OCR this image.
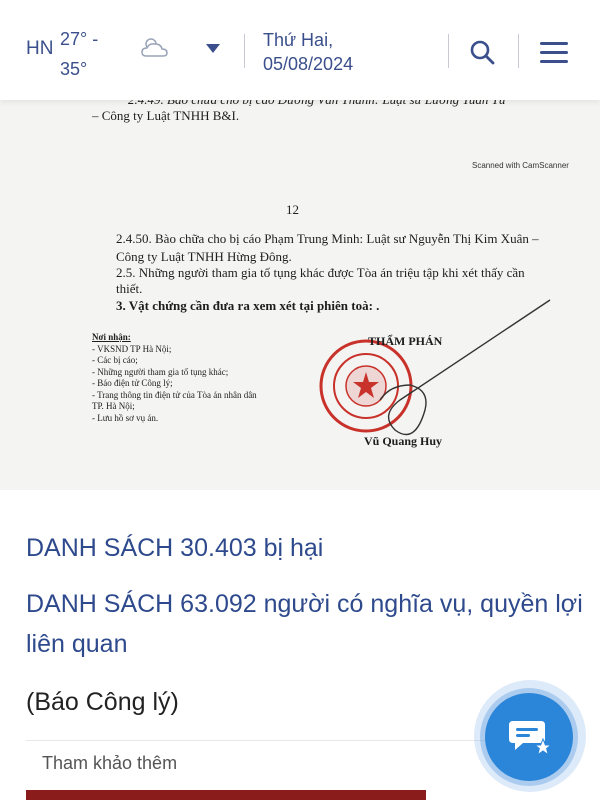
HN 27° -
35°
Thứ Hai,
05/08/2024
– Công ty Luật TNHH B&I.
Scanned with CamScanner
12
2.4.50. Bào chữa cho bị cáo Phạm Trung Minh: Luật sư Nguyễn Thị Kim Xuân – Công ty Luật TNHH Hừng Đông.
2.5. Những người tham gia tố tụng khác được Tòa án triệu tập khi xét thấy cần thiết.
3. Vật chứng cần đưa ra xem xét tại phiên toà: .
Nơi nhận:
- VKSND TP Hà Nội;
- Các bị cáo;
- Những người tham gia tố tụng khác;
- Báo điện tử Công lý;
- Trang thông tin điện tử của Tòa án nhân dân
TP. Hà Nội;
- Lưu hồ sơ vụ án.
THẨM PHÁN
Vũ Quang Huy
DANH SÁCH 30.403 bị hại
DANH SÁCH 63.092 người có nghĩa vụ, quyền lợi liên quan
(Báo Công lý)
Tham khảo thêm
